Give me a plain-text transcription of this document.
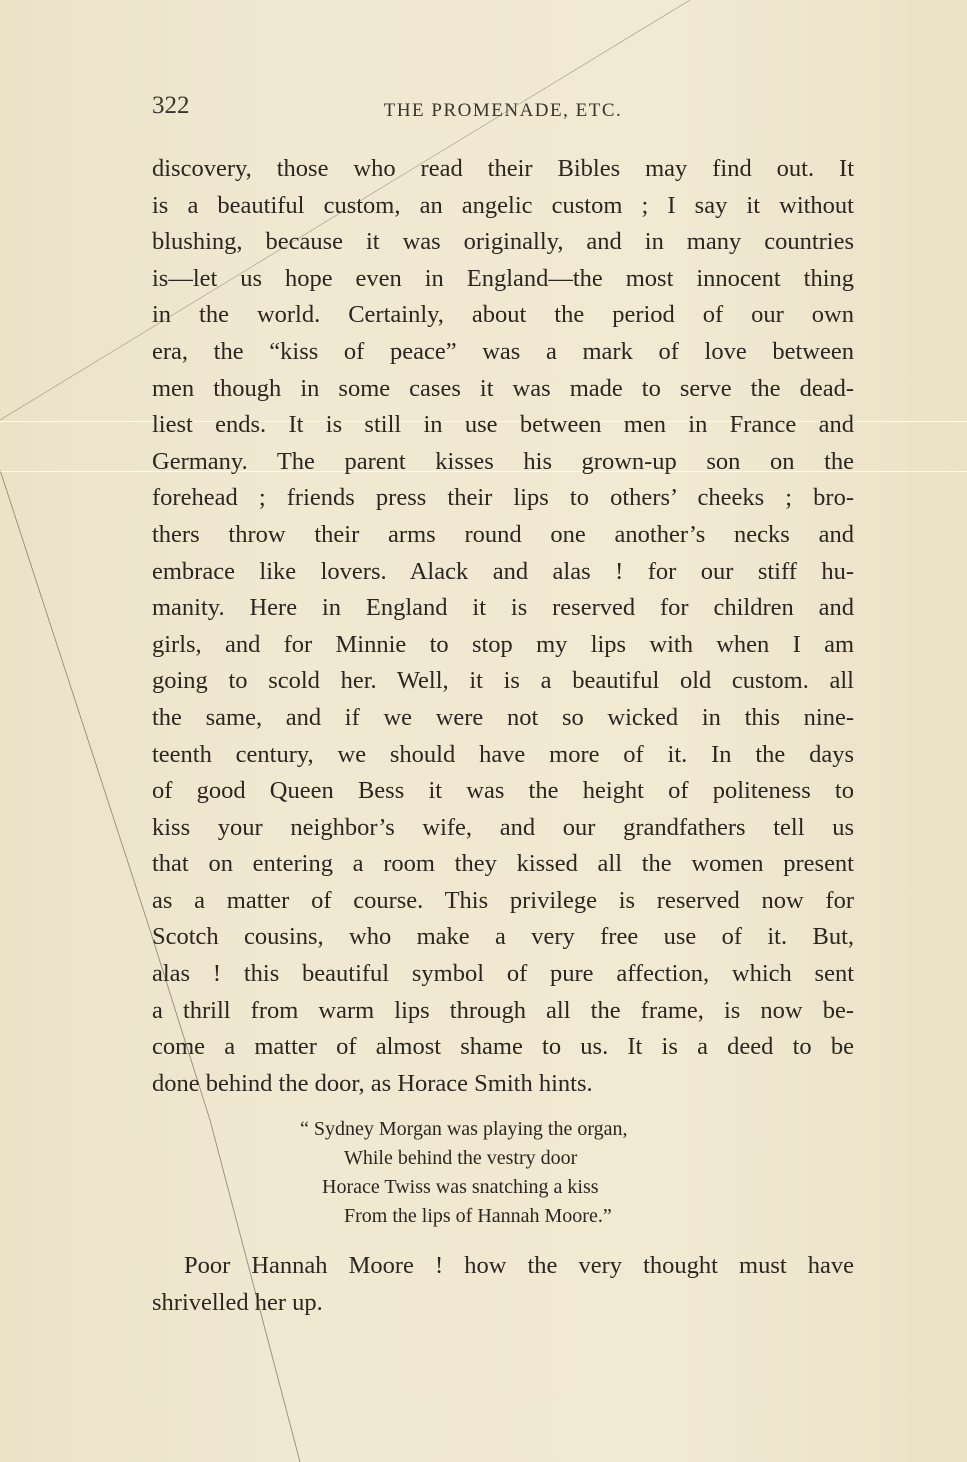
322	THE PROMENADE, ETC.
discovery, those who read their Bibles may find out. It
is a beautiful custom, an angelic custom ; I say it without
blushing, because it was originally, and in many countries
is—let us hope even in England—the most innocent thing
in the world. Certainly, about the period of our own
era, the “kiss of peace” was a mark of love between
men though in some cases it was made to serve the dead-
liest ends. It is still in use between men in France and
Germany. The parent kisses his grown-up son on the
forehead ; friends press their lips to others’ cheeks ; bro-
thers throw their arms round one another’s necks and
embrace like lovers. Alack and alas ! for our stiff hu-
manity. Here in England it is reserved for children and
girls, and for Minnie to stop my lips with when I am
going to scold her. Well, it is a beautiful old custom. all
the same, and if we were not so wicked in this nine-
teenth century, we should have more of it. In the days
of good Queen Bess it was the height of politeness to
kiss your neighbor’s wife, and our grandfathers tell us
that on entering a room they kissed all the women present
as a matter of course. This privilege is reserved now for
Scotch cousins, who make a very free use of it. But,
alas ! this beautiful symbol of pure affection, which sent
a thrill from warm lips through all the frame, is now be-
come a matter of almost shame to us. It is a deed to be
done behind the door, as Horace Smith hints.
“ Sydney Morgan was playing the organ,
While behind the vestry door
Horace Twiss was snatching a kiss
From the lips of Hannah Moore.”
Poor Hannah Moore ! how the very thought must have
shrivelled her up.
